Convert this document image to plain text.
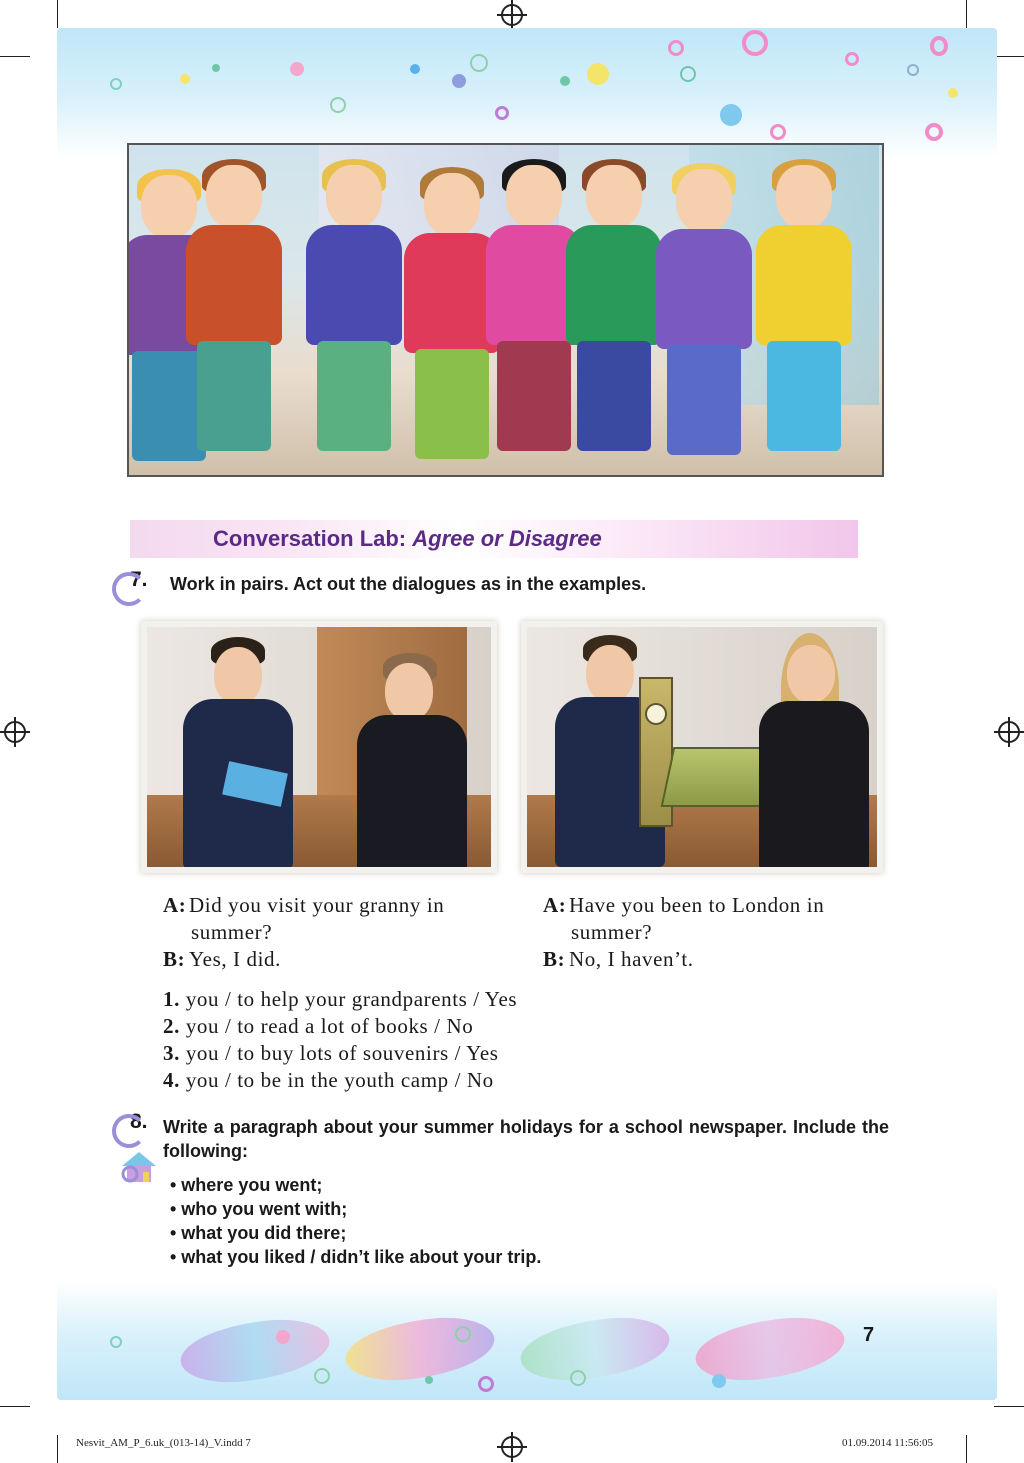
Conversation Lab: Agree or Disagree
7.	Work in pairs. Act out the dialogues as in the examples.
A: Did you visit your granny in
summer?
B: Yes, I did.
A: Have you been to London in
summer?
B: No, I haven’t.
1. you / to help your grandparents / Yes
2. you / to read a lot of books / No
3. you / to buy lots of souvenirs / Yes
4. you / to be in the youth camp / No
8. Write a paragraph about your summer holidays for a school newspaper. Include the following:
• where you went;
• who you went with;
• what you did there;
• what you liked / didn’t like about your trip.
7
Nesvit_AM_P_6.uk_(013-14)_V.indd 7	01.09.2014 11:56:05
